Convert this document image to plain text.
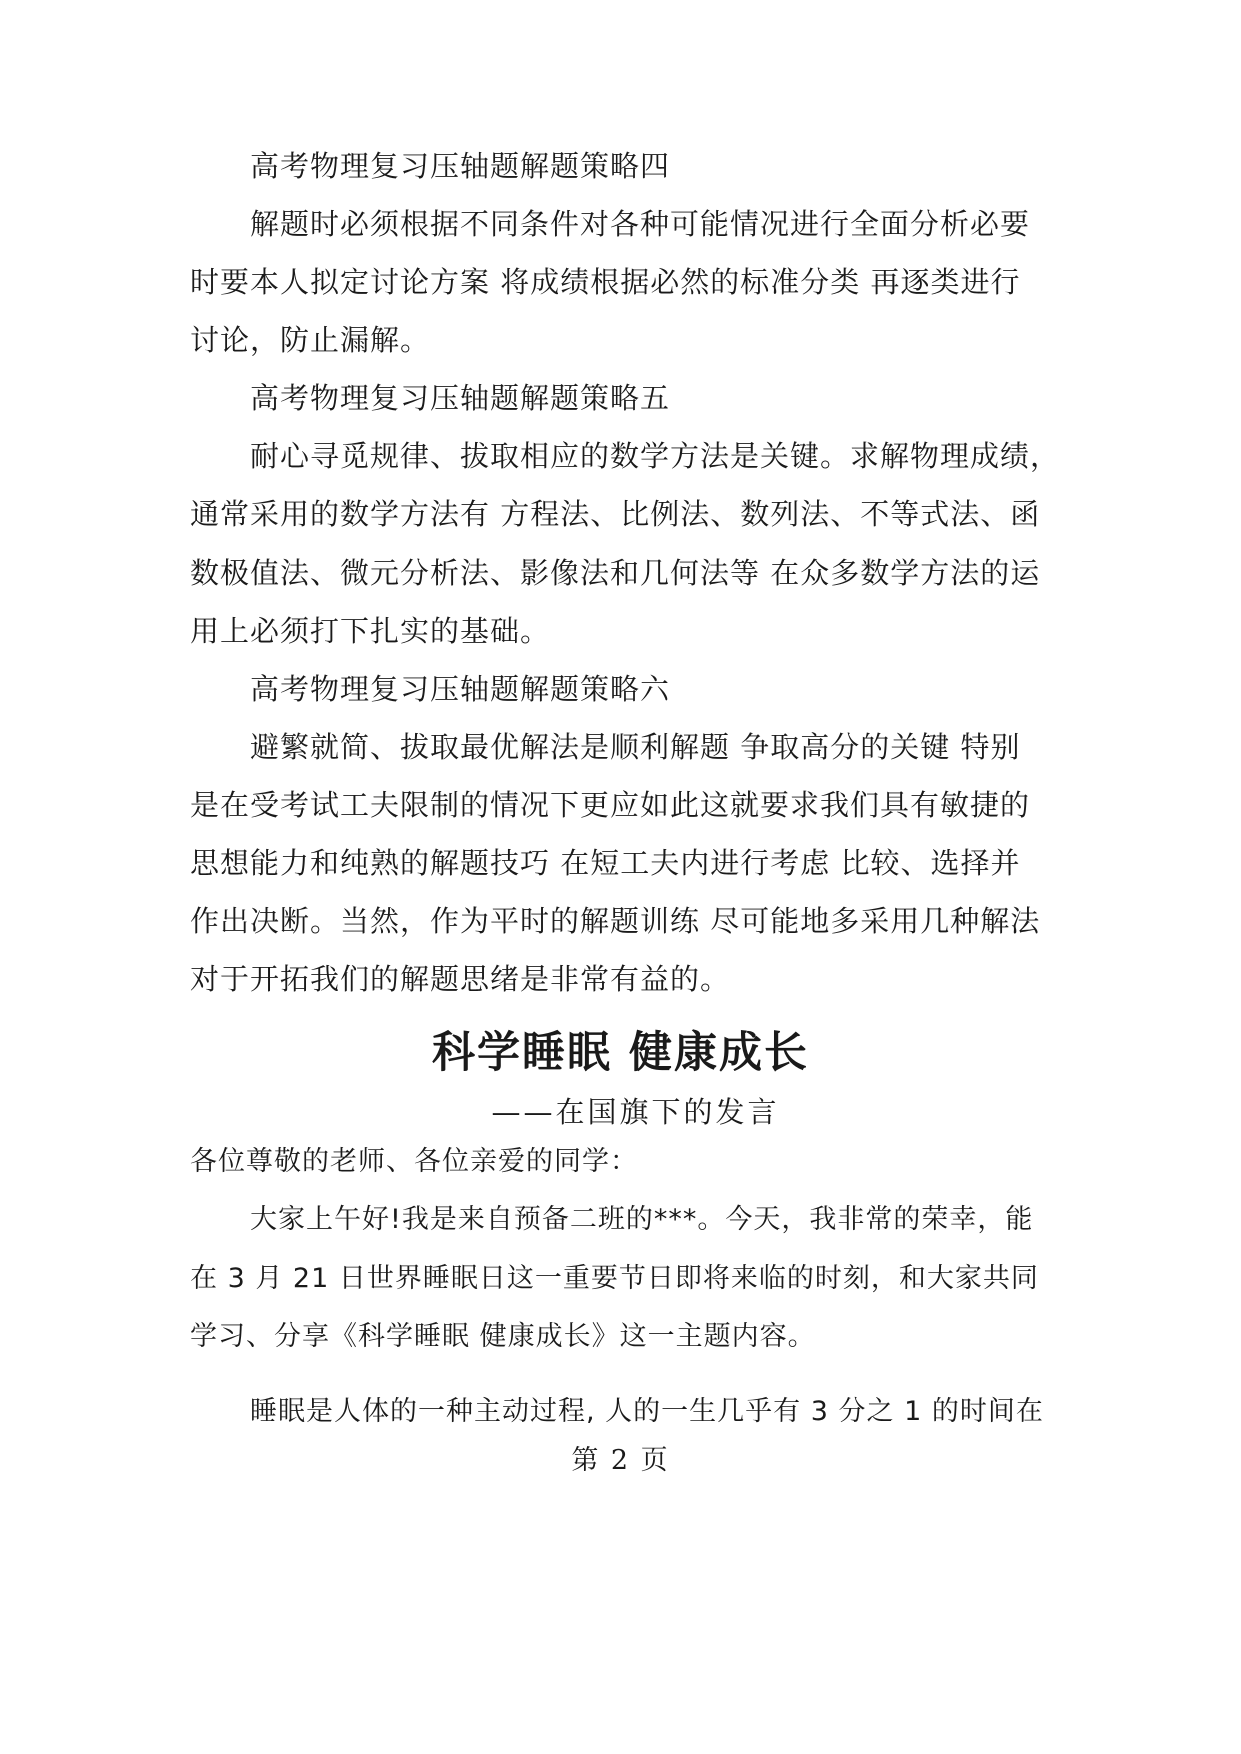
高考物理复习压轴题解题策略四
解题时必须根据不同条件对各种可能情况进行全面分析必要
时要本人拟定讨论方案 将成绩根据必然的标准分类 再逐类进行
讨论，防止漏解。
高考物理复习压轴题解题策略五
耐心寻觅规律、拔取相应的数学方法是关键。求解物理成绩，
通常采用的数学方法有 方程法、比例法、数列法、不等式法、函
数极值法、微元分析法、影像法和几何法等 在众多数学方法的运
用上必须打下扎实的基础。
高考物理复习压轴题解题策略六
避繁就简、拔取最优解法是顺利解题 争取高分的关键 特别
是在受考试工夫限制的情况下更应如此这就要求我们具有敏捷的
思想能力和纯熟的解题技巧 在短工夫内进行考虑 比较、选择并
作出决断。当然，作为平时的解题训练 尽可能地多采用几种解法
对于开拓我们的解题思绪是非常有益的。
科学睡眠 健康成长
——在国旗下的发言
各位尊敬的老师、各位亲爱的同学：
大家上午好!我是来自预备二班的***。今天，我非常的荣幸，能
在 3 月 21 日世界睡眠日这一重要节日即将来临的时刻，和大家共同
学习、分享《科学睡眠 健康成长》这一主题内容。
睡眠是人体的一种主动过程, 人的一生几乎有 3 分之 1 的时间在
第 2 页
